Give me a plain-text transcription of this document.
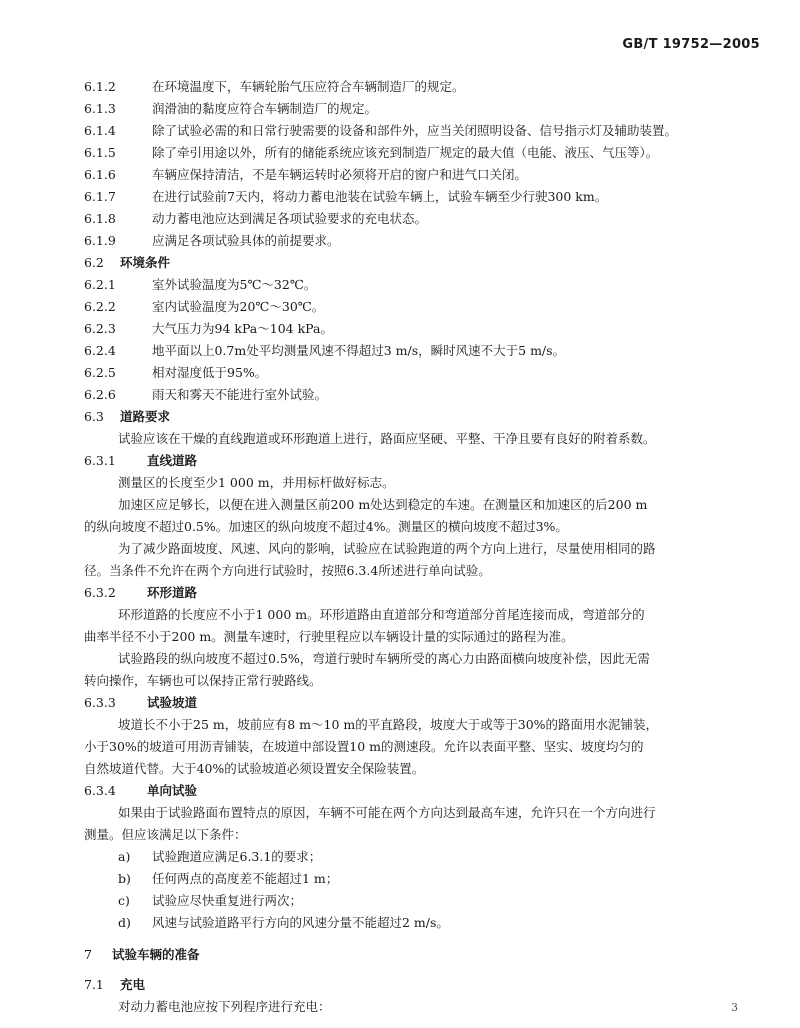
GB/T 19752—2005
6.1.2	在环境温度下，车辆轮胎气压应符合车辆制造厂的规定。
6.1.3	润滑油的黏度应符合车辆制造厂的规定。
6.1.4	除了试验必需的和日常行驶需要的设备和部件外，应当关闭照明设备、信号指示灯及辅助装置。
6.1.5	除了牵引用途以外，所有的储能系统应该充到制造厂规定的最大值（电能、液压、气压等）。
6.1.6	车辆应保持清洁，不是车辆运转时必须将开启的窗户和进气口关闭。
6.1.7	在进行试验前7天内，将动力蓄电池装在试验车辆上，试验车辆至少行驶300 km。
6.1.8	动力蓄电池应达到满足各项试验要求的充电状态。
6.1.9	应满足各项试验具体的前提要求。
6.2 环境条件
6.2.1	室外试验温度为5℃～32℃。
6.2.2	室内试验温度为20℃～30℃。
6.2.3	大气压力为94 kPa～104 kPa。
6.2.4	地平面以上0.7m处平均测量风速不得超过3 m/s，瞬时风速不大于5 m/s。
6.2.5	相对湿度低于95%。
6.2.6	雨天和雾天不能进行室外试验。
6.3 道路要求
试验应该在干燥的直线跑道或环形跑道上进行，路面应坚硬、平整、干净且要有良好的附着系数。
6.3.1 直线道路
测量区的长度至少1 000 m，并用标杆做好标志。
加速区应足够长，以便在进入测量区前200 m处达到稳定的车速。在测量区和加速区的后200 m
的纵向坡度不超过0.5%。加速区的纵向坡度不超过4%。测量区的横向坡度不超过3%。
为了减少路面坡度、风速、风向的影响，试验应在试验跑道的两个方向上进行，尽量使用相同的路
径。当条件不允许在两个方向进行试验时，按照6.3.4所述进行单向试验。
6.3.2 环形道路
环形道路的长度应不小于1 000 m。环形道路由直道部分和弯道部分首尾连接而成，弯道部分的
曲率半径不小于200 m。测量车速时，行驶里程应以车辆设计量的实际通过的路程为准。
试验路段的纵向坡度不超过0.5%，弯道行驶时车辆所受的离心力由路面横向坡度补偿，因此无需
转向操作，车辆也可以保持正常行驶路线。
6.3.3 试验坡道
坡道长不小于25 m，坡前应有8 m～10 m的平直路段，坡度大于或等于30%的路面用水泥铺装，
小于30%的坡道可用沥青铺装，在坡道中部设置10 m的测速段。允许以表面平整、坚实、坡度均匀的
自然坡道代替。大于40%的试验坡道必须设置安全保险装置。
6.3.4 单向试验
如果由于试验路面布置特点的原因，车辆不可能在两个方向达到最高车速，允许只在一个方向进行
测量。但应该满足以下条件：
a) 试验跑道应满足6.3.1的要求；
b) 任何两点的高度差不能超过1 m；
c) 试验应尽快重复进行两次；
d) 风速与试验道路平行方向的风速分量不能超过2 m/s。
7 试验车辆的准备
7.1 充电
对动力蓄电池应按下列程序进行充电：	3
